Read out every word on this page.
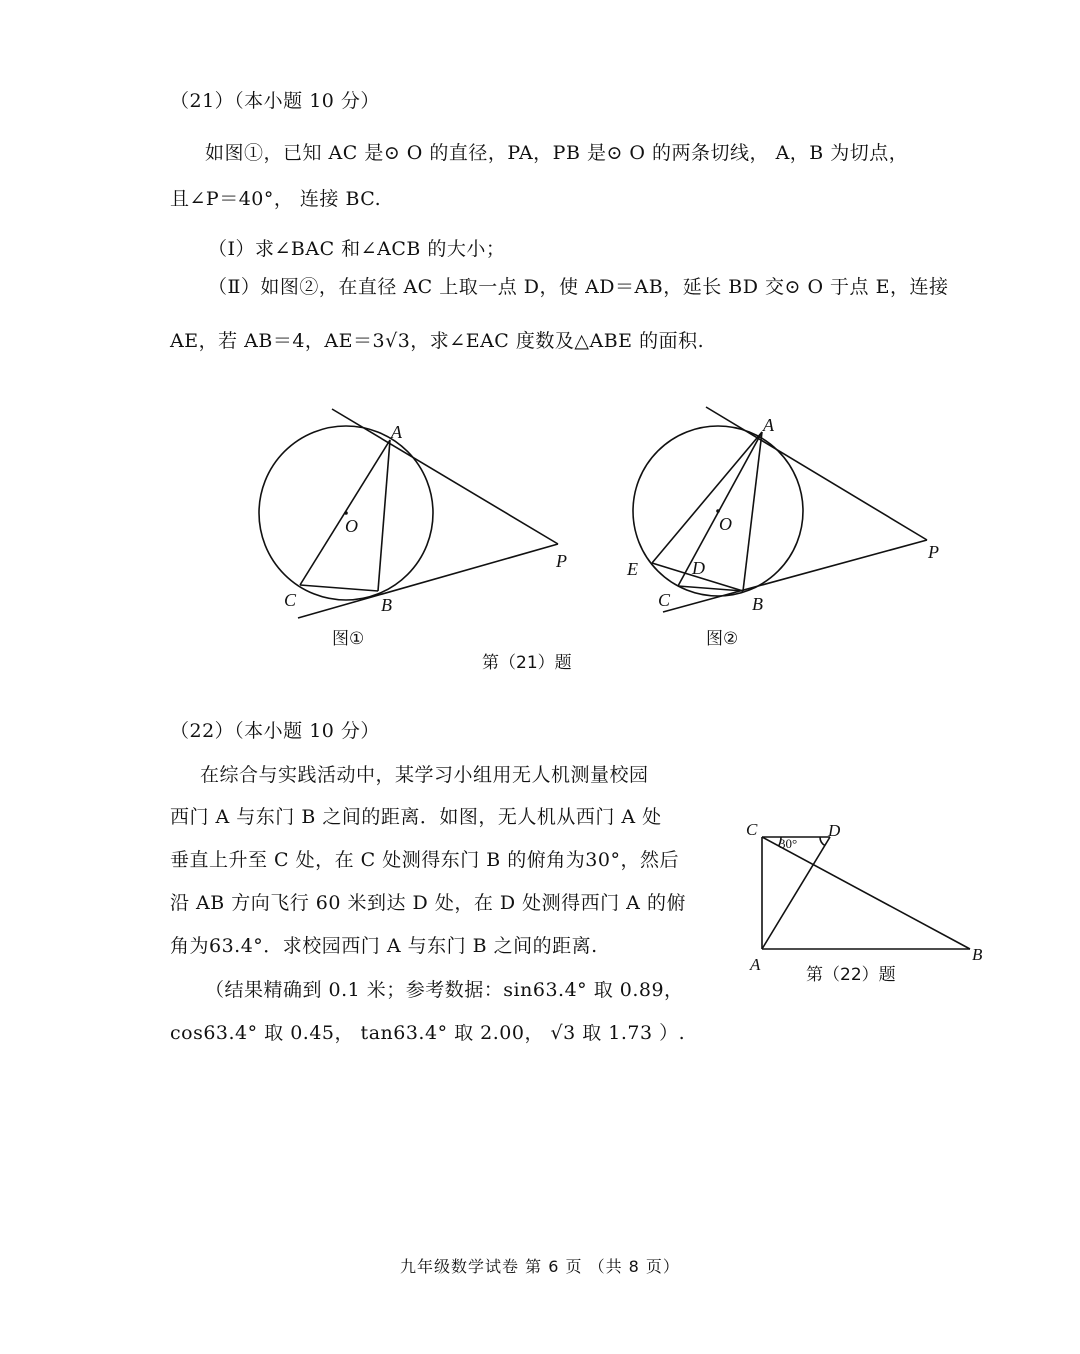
（21）（本小题 10 分）
如图①，已知 AC 是⊙ O 的直径，PA，PB 是⊙ O 的两条切线， A，B 为切点，
且∠P＝40°， 连接 BC.
（Ⅰ）求∠BAC 和∠ACB 的大小；
（Ⅱ）如图②，在直径 AC 上取一点 D，使 AD＝AB，延长 BD 交⊙ O 于点 E，连接
AE，若 AB＝4，AE＝3√3，求∠EAC 度数及△ABE 的面积.
A
O
P
C	B
图①
A
O
P
E	D
C	B
图②
第（21）题
（22）（本小题 10 分）
在综合与实践活动中，某学习小组用无人机测量校园
西门 A 与东门 B 之间的距离．如图，无人机从西门 A 处
垂直上升至 C 处，在 C 处测得东门 B 的俯角为30°，然后
沿 AB 方向飞行 60 米到达 D 处，在 D 处测得西门 A 的俯
角为63.4°．求校园西门 A 与东门 B 之间的距离.
（结果精确到 0.1 米；参考数据：sin63.4° 取 0.89，
cos63.4° 取 0.45， tan63.4° 取 2.00， √3 取 1.73 ）.
C	D
A
B
30°
第（22）题
九年级数学试卷 第 6 页 （共 8 页）
